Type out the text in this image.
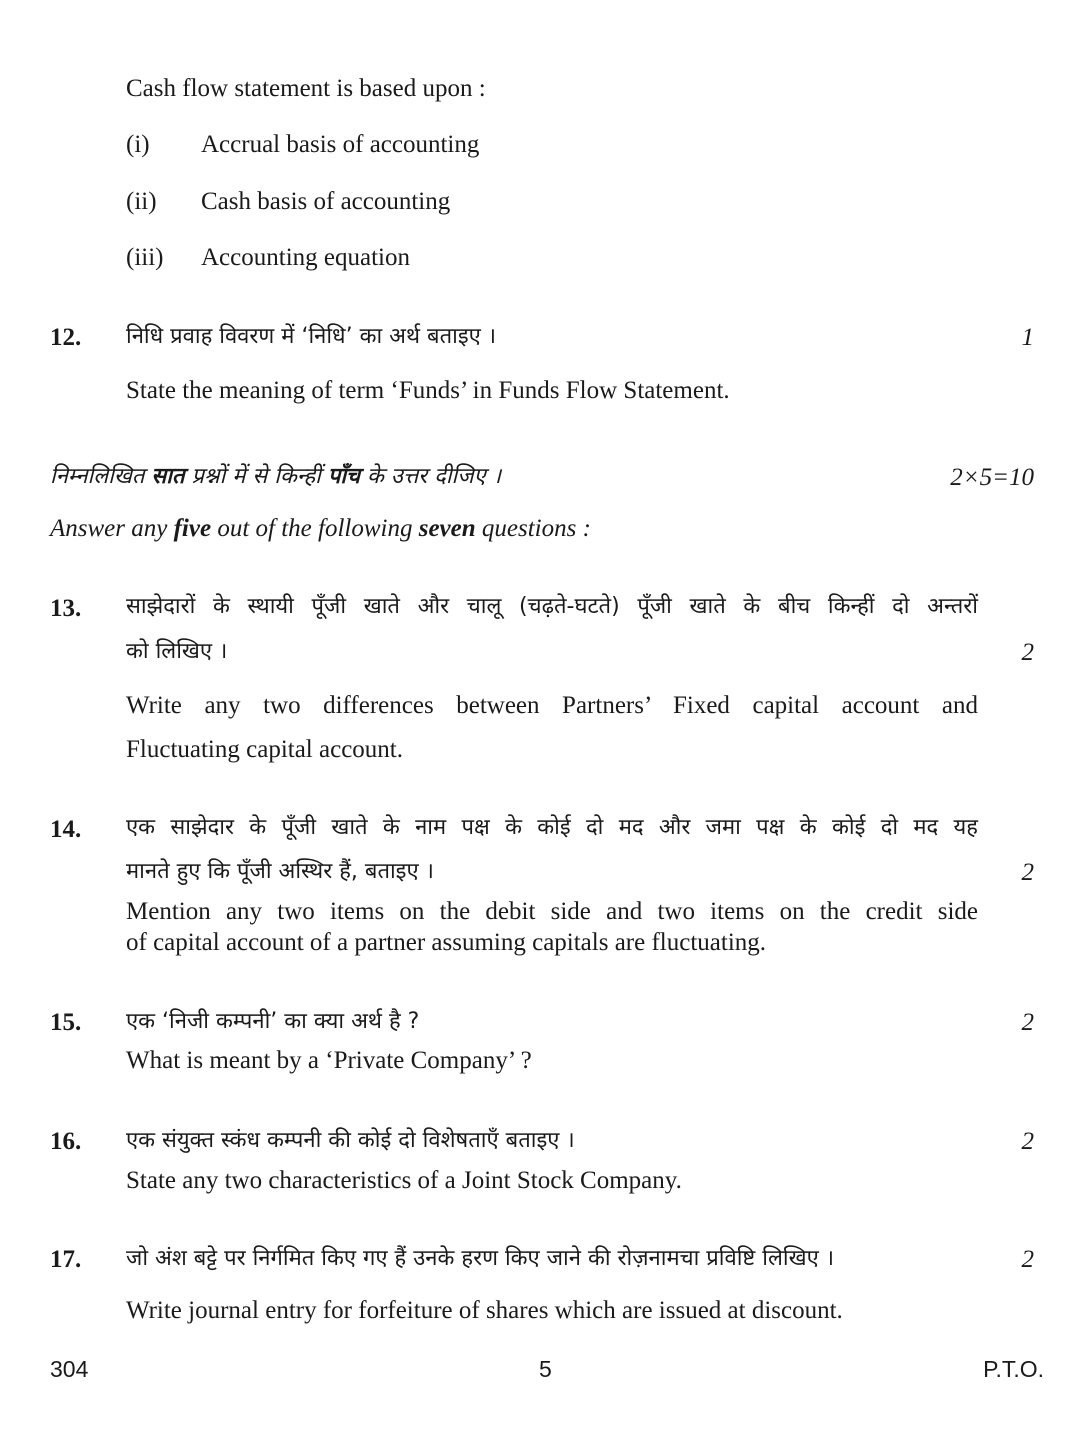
Cash flow statement is based upon :
(i) Accrual basis of accounting
(ii) Cash basis of accounting
(iii) Accounting equation
12. निधि प्रवाह विवरण में ‘निधि’ का अर्थ बताइए ।	1
State the meaning of term ‘Funds’ in Funds Flow Statement.
निम्नलिखित सात प्रश्नों में से किन्हीं पाँच के उत्तर दीजिए ।	2×5=10
Answer any five out of the following seven questions :
13. साझेदारों के स्थायी पूँजी खाते और चालू (चढ़ते-घटते) पूँजी खाते के बीच किन्हीं दो अन्तरों
को लिखिए ।	2
Write any two differences between Partners’ Fixed capital account and
Fluctuating capital account.
14. एक साझेदार के पूँजी खाते के नाम पक्ष के कोई दो मद और जमा पक्ष के कोई दो मद यह
मानते हुए कि पूँजी अस्थिर हैं, बताइए ।	2
Mention any two items on the debit side and two items on the credit side
of capital account of a partner assuming capitals are fluctuating.
15. एक ‘निजी कम्पनी’ का क्या अर्थ है ?	2
What is meant by a ‘Private Company’ ?
16. एक संयुक्त स्कंध कम्पनी की कोई दो विशेषताएँ बताइए ।	2
State any two characteristics of a Joint Stock Company.
17. जो अंश बट्टे पर निर्गमित किए गए हैं उनके हरण किए जाने की रोज़नामचा प्रविष्टि लिखिए ।	2
Write journal entry for forfeiture of shares which are issued at discount.
304	5	P.T.O.
